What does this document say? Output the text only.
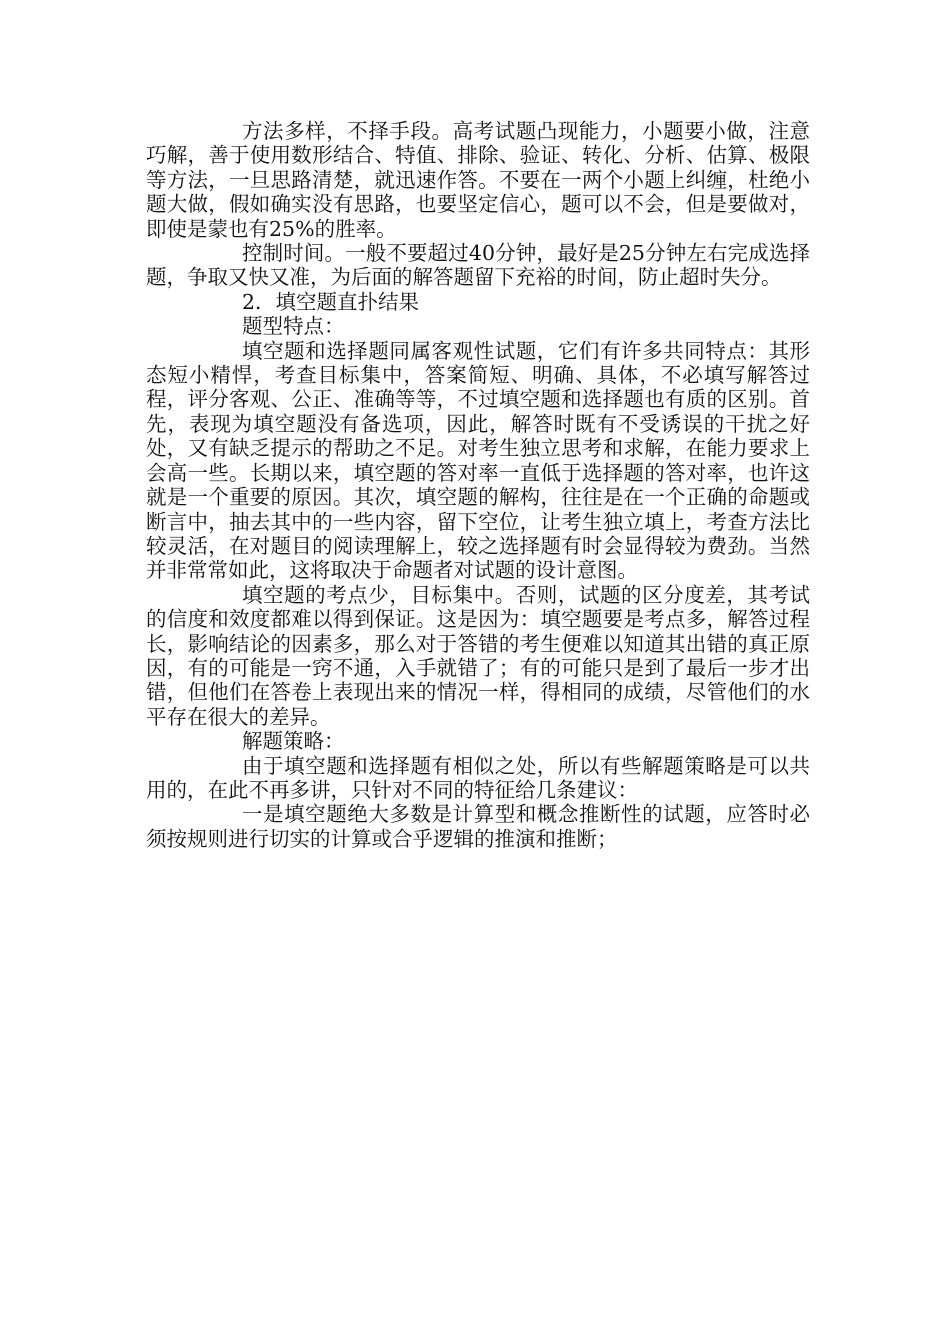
方法多样，不择手段。高考试题凸现能力，小题要小做，注意巧解，善于使用数形结合、特值、排除、验证、转化、分析、估算、极限等方法，一旦思路清楚，就迅速作答。不要在一两个小题上纠缠，杜绝小题大做，假如确实没有思路，也要坚定信心，题可以不会，但是要做对，即使是蒙也有25%的胜率。

控制时间。一般不要超过40分钟，最好是25分钟左右完成选择题，争取又快又准，为后面的解答题留下充裕的时间，防止超时失分。

2．填空题直扑结果

题型特点：

填空题和选择题同属客观性试题，它们有许多共同特点：其形态短小精悍，考查目标集中，答案简短、明确、具体，不必填写解答过程，评分客观、公正、准确等等，不过填空题和选择题也有质的区别。首先，表现为填空题没有备选项，因此，解答时既有不受诱误的干扰之好处，又有缺乏提示的帮助之不足。对考生独立思考和求解，在能力要求上会高一些。长期以来，填空题的答对率一直低于选择题的答对率，也许这就是一个重要的原因。其次，填空题的解构，往往是在一个正确的命题或断言中，抽去其中的一些内容，留下空位，让考生独立填上，考查方法比较灵活，在对题目的阅读理解上，较之选择题有时会显得较为费劲。当然并非常常如此，这将取决于命题者对试题的设计意图。

填空题的考点少，目标集中。否则，试题的区分度差，其考试的信度和效度都难以得到保证。这是因为：填空题要是考点多，解答过程长，影响结论的因素多，那么对于答错的考生便难以知道其出错的真正原因，有的可能是一窍不通，入手就错了；有的可能只是到了最后一步才出错，但他们在答卷上表现出来的情况一样，得相同的成绩，尽管他们的水平存在很大的差异。

解题策略：

由于填空题和选择题有相似之处，所以有些解题策略是可以共用的，在此不再多讲，只针对不同的特征给几条建议：

一是填空题绝大多数是计算型和概念推断性的试题，应答时必须按规则进行切实的计算或合乎逻辑的推演和推断；
